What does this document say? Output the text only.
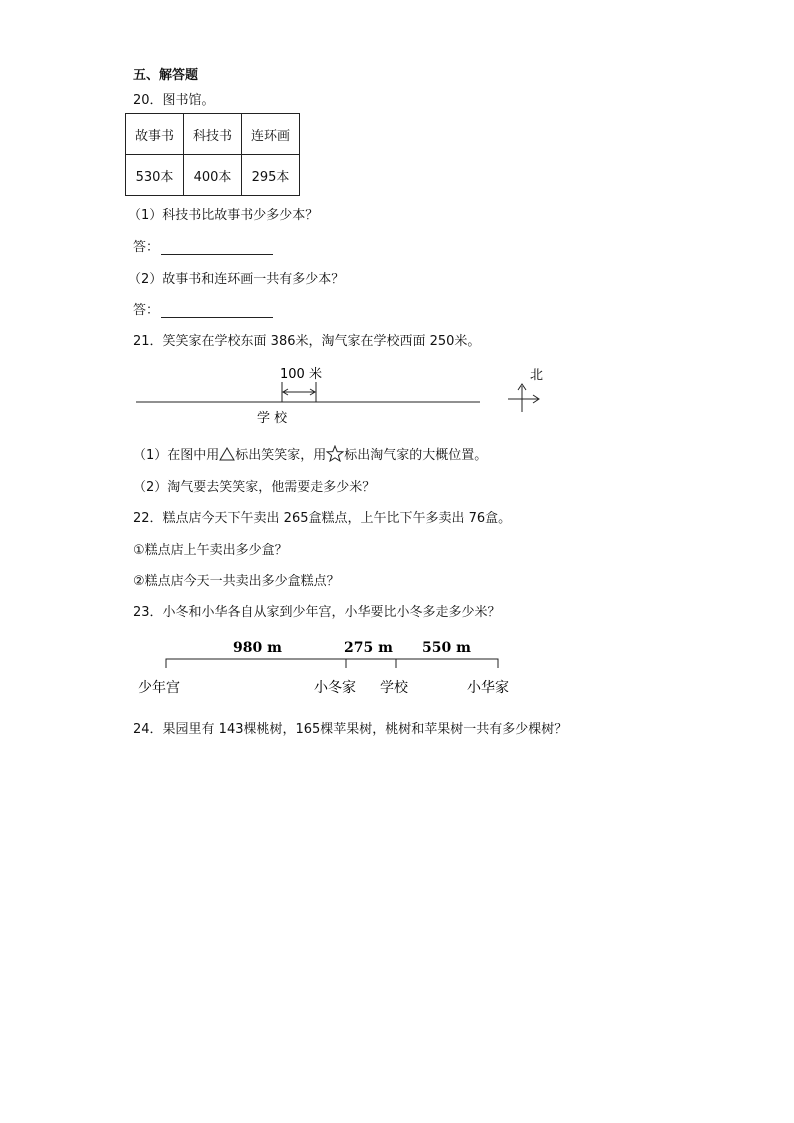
五、解答题
20．图书馆。
故事书	科技书	连环画
530本	400本	295本
（1）科技书比故事书少多少本？
答：
（2）故事书和连环画一共有多少本？
答：
21．笑笑家在学校东面 386米，淘气家在学校西面 250米。
100 米
学 校
北
（1）在图中用 标出笑笑家，用 标出淘气家的大概位置。
（2）淘气要去笑笑家，他需要走多少米？
22．糕点店今天下午卖出 265盒糕点，上午比下午多卖出 76盒。
①糕点店上午卖出多少盒？
②糕点店今天一共卖出多少盒糕点？
23．小冬和小华各自从家到少年宫，小华要比小冬多走多少米？
980 m	275 m 550 m
少年宫	小冬家 学校	小华家
24．果园里有 143棵桃树，165棵苹果树，桃树和苹果树一共有多少棵树？
